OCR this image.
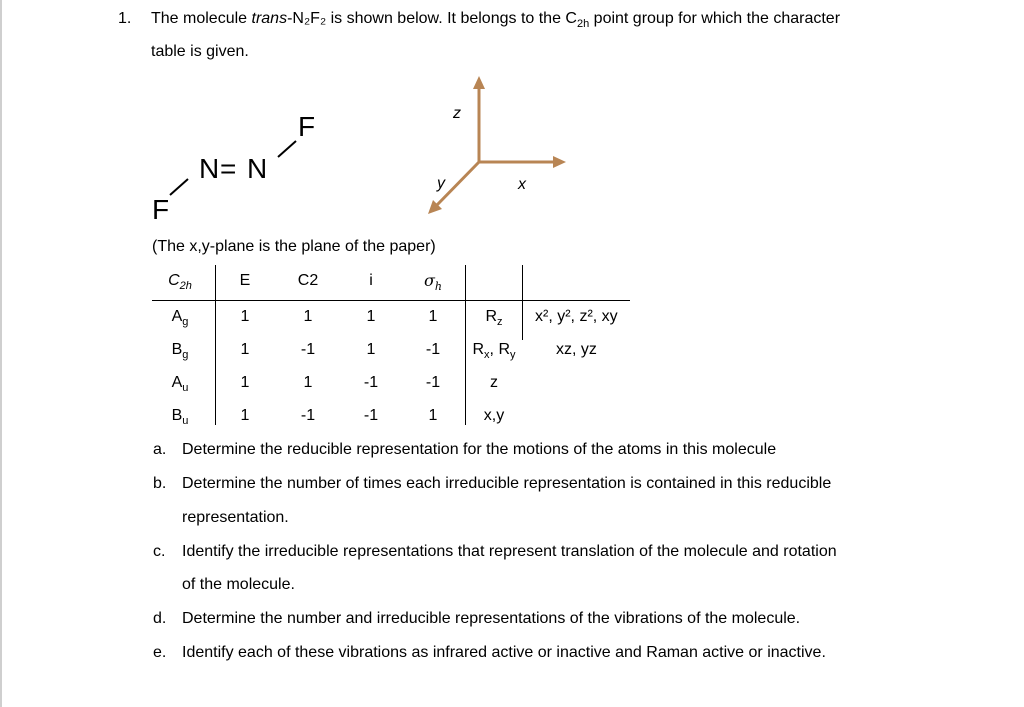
1. The molecule trans-N₂F₂ is shown below. It belongs to the $C_{2h}$ point group for which the character
table is given.
F
N = N
F
z
y	x
(The x,y-plane is the plane of the paper)
$C_{2h}$	E	C2	i	$\sigma_h$
$A_g$	1	1	1	1	$R_z$	x², y², z², xy
$B_g$	1	-1	1	-1	$R_x$, $R_y$	xz, yz
$A_u$	1	1	-1	-1	z
$B_u$	1	-1	-1	1	x,y
a. Determine the reducible representation for the motions of the atoms in this molecule
b. Determine the number of times each irreducible representation is contained in this reducible
representation.
c. Identify the irreducible representations that represent translation of the molecule and rotation
of the molecule.
d. Determine the number and irreducible representations of the vibrations of the molecule.
e. Identify each of these vibrations as infrared active or inactive and Raman active or inactive.
